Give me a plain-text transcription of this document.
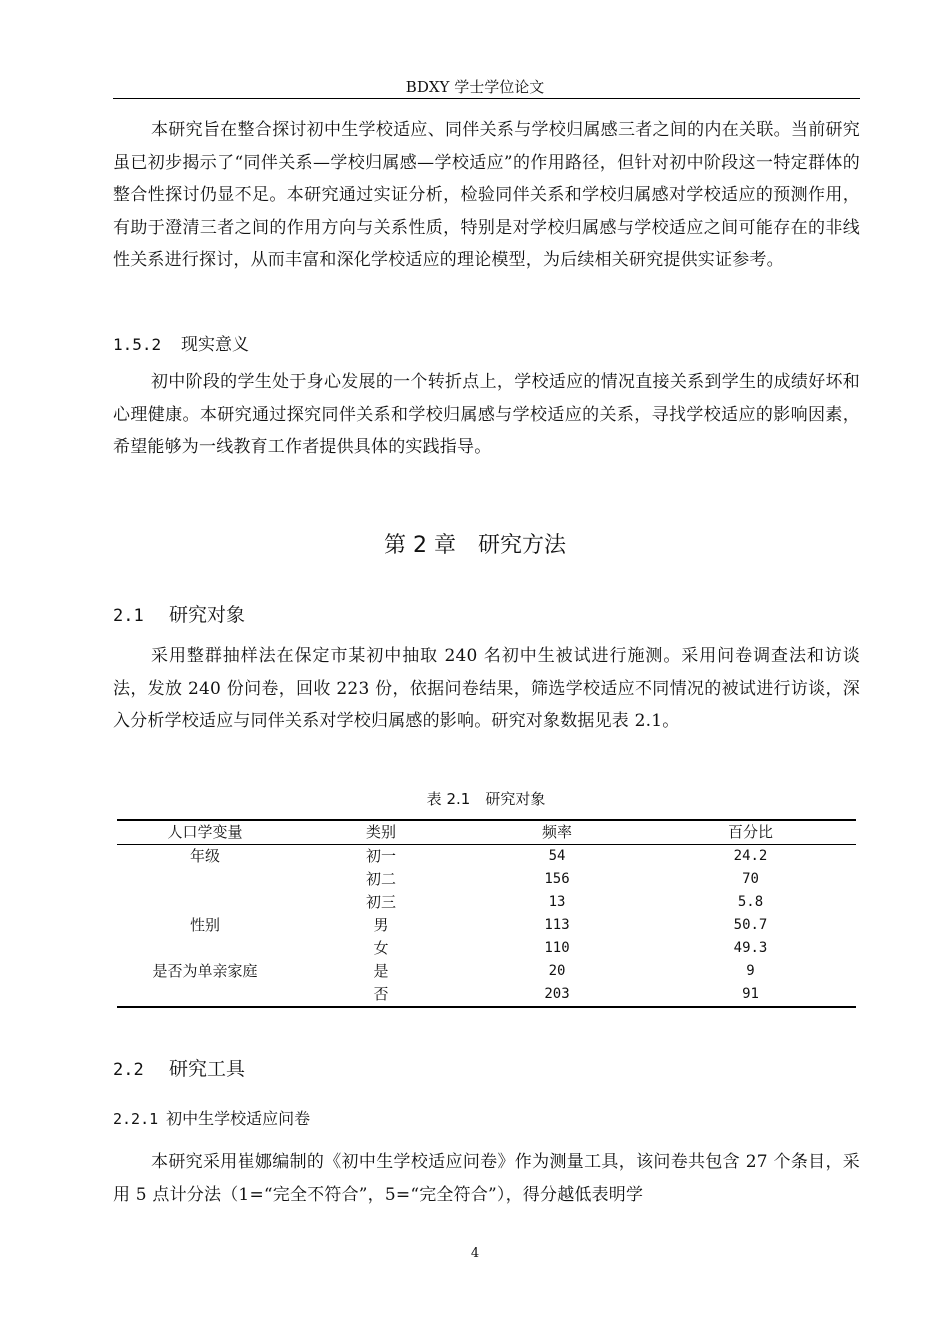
BDXY 学士学位论文

本研究旨在整合探讨初中生学校适应、同伴关系与学校归属感三者之间的内在关联。当前研究虽已初步揭示了“同伴关系—学校归属感—学校适应”的作用路径，但针对初中阶段这一特定群体的整合性探讨仍显不足。本研究通过实证分析，检验同伴关系和学校归属感对学校适应的预测作用，有助于澄清三者之间的作用方向与关系性质，特别是对学校归属感与学校适应之间可能存在的非线性关系进行探讨，从而丰富和深化学校适应的理论模型，为后续相关研究提供实证参考。

1.5.2 现实意义

初中阶段的学生处于身心发展的一个转折点上，学校适应的情况直接关系到学生的成绩好坏和心理健康。本研究通过探究同伴关系和学校归属感与学校适应的关系，寻找学校适应的影响因素，希望能够为一线教育工作者提供具体的实践指导。

第 2 章　研究方法
2.1 研究对象

采用整群抽样法在保定市某初中抽取 240 名初中生被试进行施测。采用问卷调查法和访谈法，发放 240 份问卷，回收 223 份，依据问卷结果，筛选学校适应不同情况的被试进行访谈，深入分析学校适应与同伴关系对学校归属感的影响。研究对象数据见表 2.1。

表 2.1　 研究对象
人口学变量	类别	频率	百分比
年级	初一	54	24.2
	初二	156	70
	初三	13	5.8
性别	男	113	50.7
	女	110	49.3
是否为单亲家庭	是	20	9
	否	203	91
2.2 研究工具
2.2.1 初中生学校适应问卷

本研究采用崔娜编制的《初中生学校适应问卷》作为测量工具，该问卷共包含 27 个条目，采用 5 点计分法（1=“完全不符合”，5=“完全符合”），得分越低表明学

4
